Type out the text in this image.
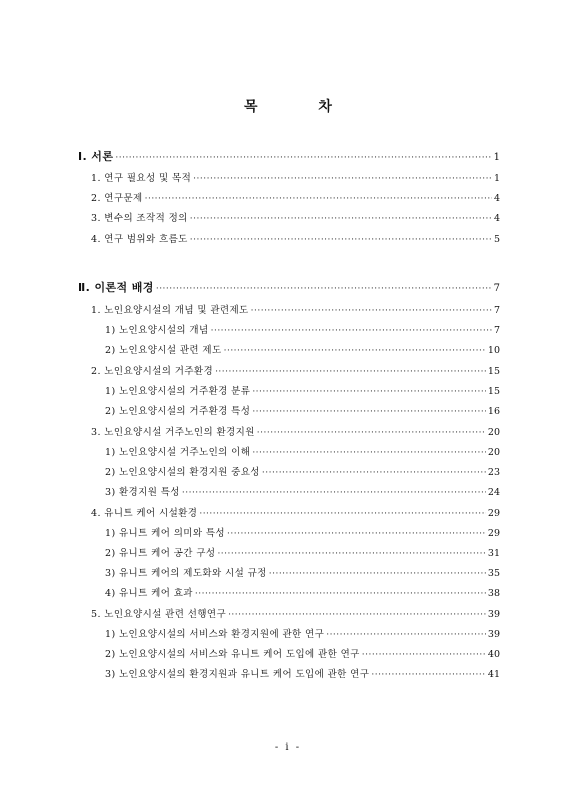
목 차
Ⅰ. 서론 ·····	1
1. 연구 필요성 및 목적 ·····	1
2. 연구문제 ·····	4
3. 변수의 조작적 정의 ·····	4
4. 연구 범위와 흐름도 ·····	5
Ⅱ. 이론적 배경 ·····	7
1. 노인요양시설의 개념 및 관련제도 ·····	7
1) 노인요양시설의 개념 ·····	7
2) 노인요양시설 관련 제도 ·····	10
2. 노인요양시설의 거주환경 ·····	15
1) 노인요양시설의 거주환경 분류 ·····	15
2) 노인요양시설의 거주환경 특성 ·····	16
3. 노인요양시설 거주노인의 환경지원 ·····	20
1) 노인요양시설 거주노인의 이해 ·····	20
2) 노인요양시설의 환경지원 중요성 ·····	23
3) 환경지원 특성 ·····	24
4. 유니트 케어 시설환경 ·····	29
1) 유니트 케어 의미와 특성 ·····	29
2) 유니트 케어 공간 구성 ·····	31
3) 유니트 케어의 제도화와 시설 규정 ·····	35
4) 유니트 케어 효과 ·····	38
5. 노인요양시설 관련 선행연구 ·····	39
1) 노인요양시설의 서비스와 환경지원에 관한 연구 ·····	39
2) 노인요양시설의 서비스와 유니트 케어 도입에 관한 연구 ·····	40
3) 노인요양시설의 환경지원과 유니트 케어 도입에 관한 연구 ·····	41
- i -
